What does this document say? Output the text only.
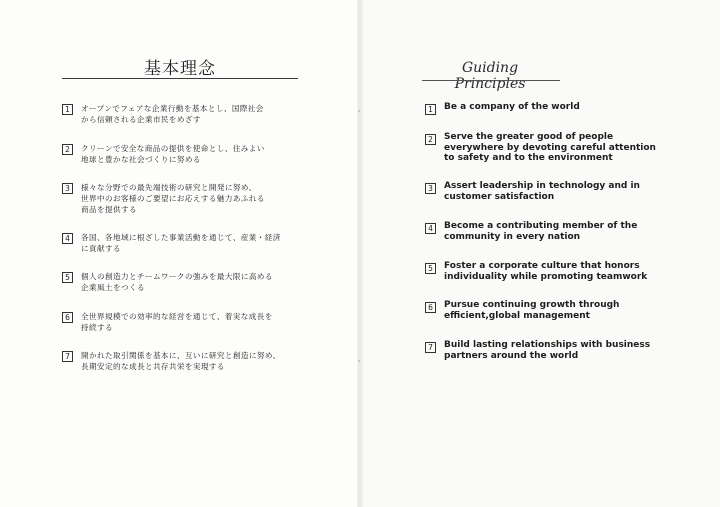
基本理念	Guiding Principles
1	オープンでフェアな企業行動を基本とし、国際社会
から信頼される企業市民をめざす
2	クリーンで安全な商品の提供を使命とし、住みよい
地球と豊かな社会づくりに努める
3	様々な分野での最先端技術の研究と開発に努め、
世界中のお客様のご要望にお応えする魅力あふれる
商品を提供する
4	各国、各地域に根ざした事業活動を通じて、産業・経済
に貢献する
5	個人の創造力とチームワークの強みを最大限に高める
企業風土をつくる
6	全世界規模での効率的な経営を通じて、着実な成長を
持続する
7	開かれた取引関係を基本に、互いに研究と創造に努め、
長期安定的な成長と共存共栄を実現する
1	Be a company of the world
2	Serve the greater good of people
everywhere by devoting careful attention
to safety and to the environment
3	Assert leadership in technology and in
customer satisfaction
4	Become a contributing member of the
community in every nation
5	Foster a corporate culture that honors
individuality while promoting teamwork
6	Pursue continuing growth through
efficient,global management
7	Build lasting relationships with business
partners around the world
